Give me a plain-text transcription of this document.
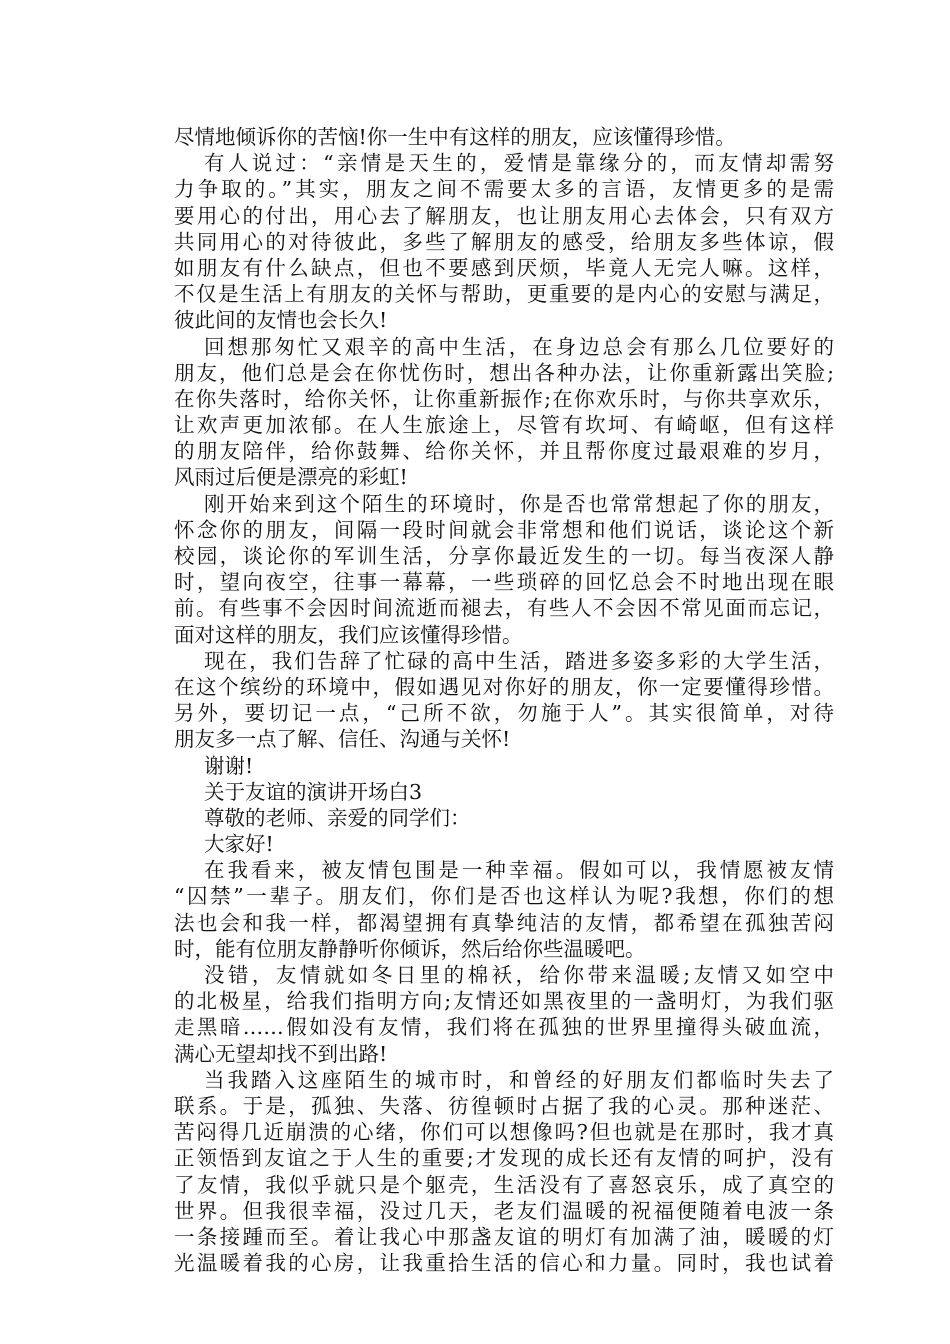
尽情地倾诉你的苦恼!你一生中有这样的朋友，应该懂得珍惜。
有人说过：“亲情是天生的，爱情是靠缘分的，而友情却需努
力争取的。”其实，朋友之间不需要太多的言语，友情更多的是需
要用心的付出，用心去了解朋友，也让朋友用心去体会，只有双方
共同用心的对待彼此，多些了解朋友的感受，给朋友多些体谅，假
如朋友有什么缺点，但也不要感到厌烦，毕竟人无完人嘛。这样，
不仅是生活上有朋友的关怀与帮助，更重要的是内心的安慰与满足，
彼此间的友情也会长久!
回想那匆忙又艰辛的高中生活，在身边总会有那么几位要好的
朋友，他们总是会在你忧伤时，想出各种办法，让你重新露出笑脸;
在你失落时，给你关怀，让你重新振作;在你欢乐时，与你共享欢乐，
让欢声更加浓郁。在人生旅途上，尽管有坎坷、有崎岖，但有这样
的朋友陪伴，给你鼓舞、给你关怀，并且帮你度过最艰难的岁月，
风雨过后便是漂亮的彩虹!
刚开始来到这个陌生的环境时，你是否也常常想起了你的朋友，
怀念你的朋友，间隔一段时间就会非常想和他们说话，谈论这个新
校园，谈论你的军训生活，分享你最近发生的一切。每当夜深人静
时，望向夜空，往事一幕幕，一些琐碎的回忆总会不时地出现在眼
前。有些事不会因时间流逝而褪去，有些人不会因不常见面而忘记，
面对这样的朋友，我们应该懂得珍惜。
现在，我们告辞了忙碌的高中生活，踏进多姿多彩的大学生活，
在这个缤纷的环境中，假如遇见对你好的朋友，你一定要懂得珍惜。
另外，要切记一点，“己所不欲，勿施于人”。其实很简单，对待
朋友多一点了解、信任、沟通与关怀!
谢谢!
关于友谊的演讲开场白3
尊敬的老师、亲爱的同学们：
大家好!
在我看来，被友情包围是一种幸福。假如可以，我情愿被友情
“囚禁”一辈子。朋友们，你们是否也这样认为呢?我想，你们的想
法也会和我一样，都渴望拥有真挚纯洁的友情，都希望在孤独苦闷
时，能有位朋友静静听你倾诉，然后给你些温暖吧。
没错，友情就如冬日里的棉袄，给你带来温暖;友情又如空中
的北极星，给我们指明方向;友情还如黑夜里的一盏明灯，为我们驱
走黑暗……假如没有友情，我们将在孤独的世界里撞得头破血流，
满心无望却找不到出路!
当我踏入这座陌生的城市时，和曾经的好朋友们都临时失去了
联系。于是，孤独、失落、彷徨顿时占据了我的心灵。那种迷茫、
苦闷得几近崩溃的心绪，你们可以想像吗?但也就是在那时，我才真
正领悟到友谊之于人生的重要;才发现的成长还有友情的呵护，没有
了友情，我似乎就只是个躯壳，生活没有了喜怒哀乐，成了真空的
世界。但我很幸福，没过几天，老友们温暖的祝福便随着电波一条
一条接踵而至。着让我心中那盏友谊的明灯有加满了油，暖暖的灯
光温暖着我的心房，让我重拾生活的信心和力量。同时，我也试着
